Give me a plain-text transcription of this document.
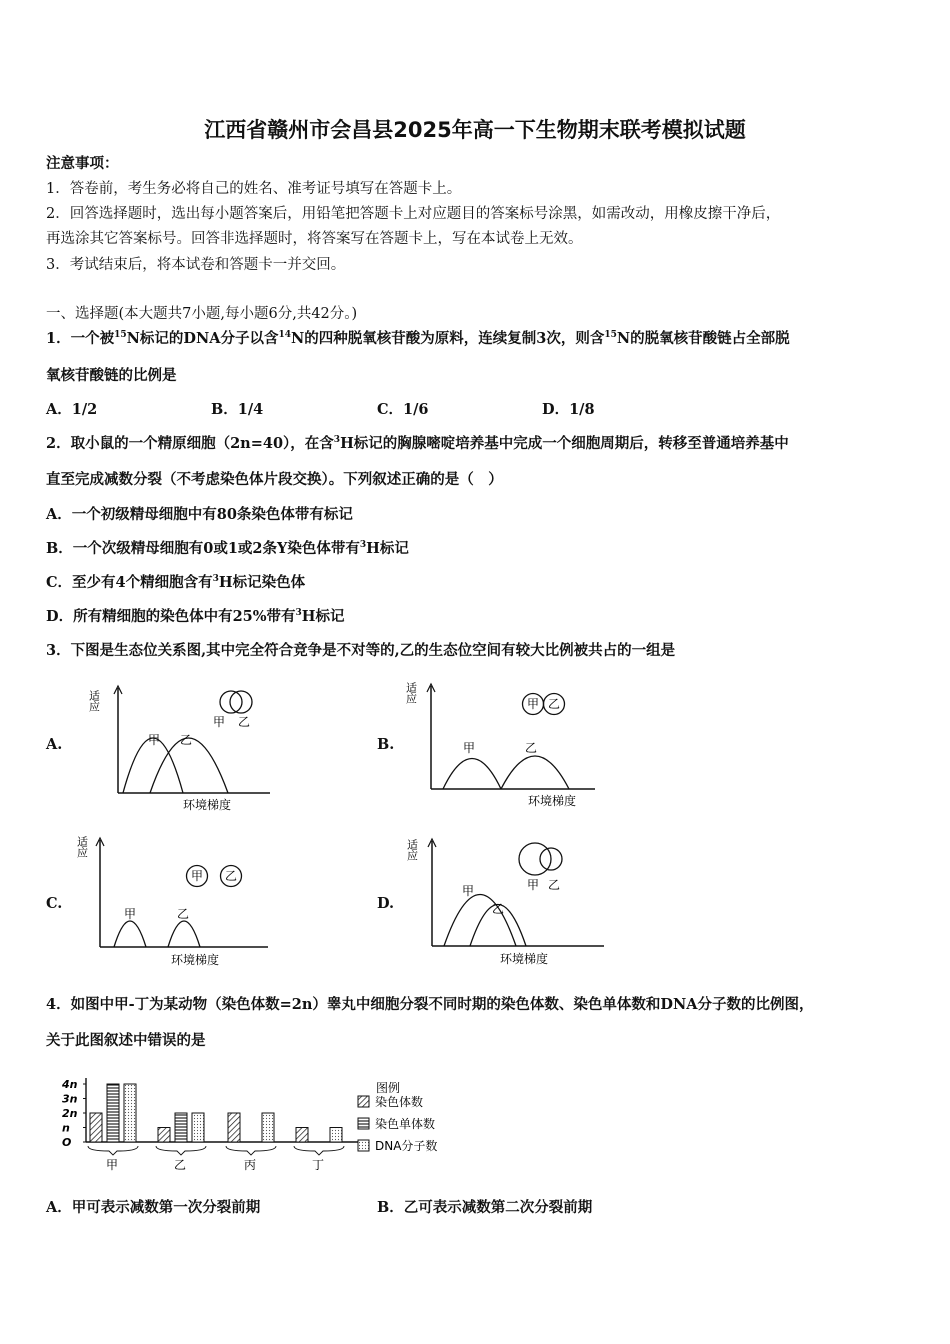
江西省赣州市会昌县2025年高一下生物期末联考模拟试题
注意事项：
1．答卷前，考生务必将自己的姓名、准考证号填写在答题卡上。
2．回答选择题时，选出每小题答案后，用铅笔把答题卡上对应题目的答案标号涂黑，如需改动，用橡皮擦干净后，
再选涂其它答案标号。回答非选择题时，将答案写在答题卡上，写在本试卷上无效。
3．考试结束后，将本试卷和答题卡一并交回。
一、选择题(本大题共7小题,每小题6分,共42分。)
1．一个被$^{15}$N标记的DNA分子以含$^{14}$N的四种脱氧核苷酸为原料，连续复制3次，则含$^{15}$N的脱氧核苷酸链占全部脱
氧核苷酸链的比例是
A．1/2	B．1/4	C．1/6	D．1/8
2．取小鼠的一个精原细胞（2n=40），在含$^3$H标记的胸腺嘧啶培养基中完成一个细胞周期后，转移至普通培养基中
直至完成减数分裂（不考虑染色体片段交换）。下列叙述正确的是（　）
A．一个初级精母细胞中有80条染色体带有标记
B．一个次级精母细胞有0或1或2条Y染色体带有$^3$H标记
C．至少有4个精细胞含有$^3$H标记染色体
D．所有精细胞的染色体中有25%带有$^3$H标记
3．下图是生态位关系图,其中完全符合竞争是不对等的,乙的生态位空间有较大比例被共占的一组是
A.	B.
C.	D.
适应
甲 乙
甲 乙
环境梯度
适应
甲	乙
甲 乙
环境梯度
适应
甲	乙
甲 乙
环境梯度
适应
甲
乙
甲 乙
环境梯度
4．如图中甲-丁为某动物（染色体数=2n）睾丸中细胞分裂不同时期的染色体数、染色单体数和DNA分子数的比例图，
关于此图叙述中错误的是
4n
3n
2n
n
O
甲	乙	丙	丁
图例
染色体数
染色单体数
DNA分子数
A．甲可表示减数第一次分裂前期	B．乙可表示减数第二次分裂前期
